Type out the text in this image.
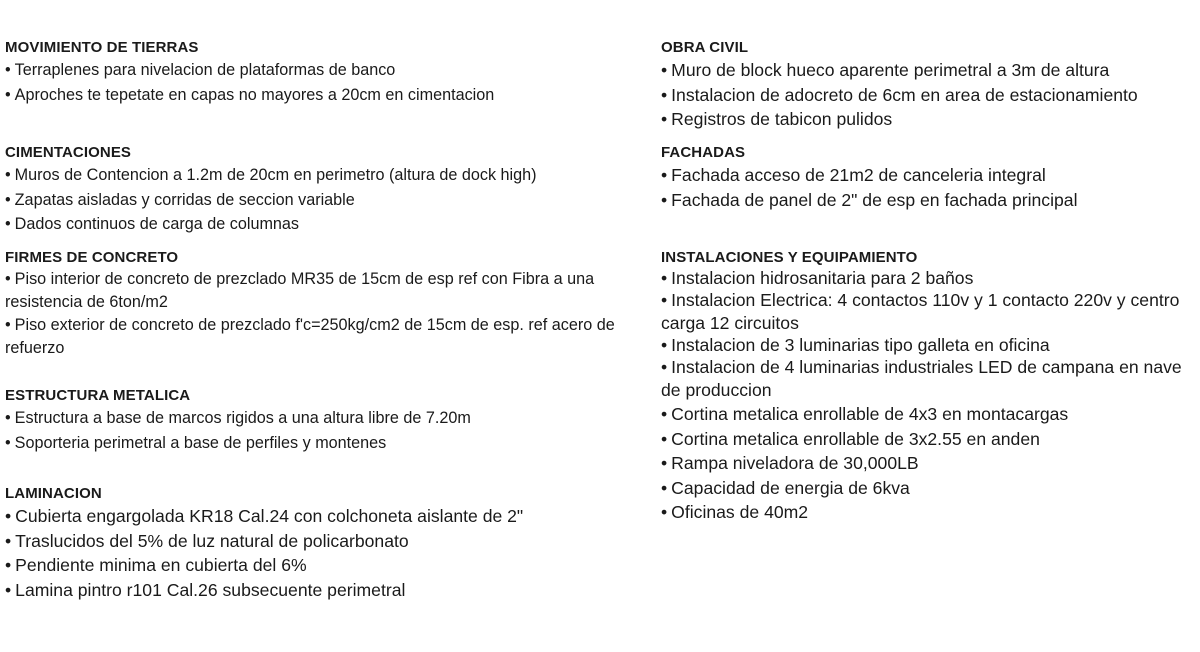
MOVIMIENTO DE TIERRAS
• Terraplenes para nivelacion de plataformas de banco
• Aproches te tepetate en capas no mayores a 20cm en cimentacion
CIMENTACIONES
• Muros de Contencion a 1.2m de 20cm en perimetro (altura de dock high)
• Zapatas aisladas y corridas de seccion variable
• Dados continuos de carga de columnas
FIRMES DE CONCRETO
• Piso interior de concreto de prezclado MR35 de 15cm de esp ref con Fibra a una      resistencia de 6ton/m2
• Piso exterior de concreto de prezclado f'c=250kg/cm2 de 15cm de esp. ref acero de refuerzo
ESTRUCTURA METALICA
• Estructura a base de marcos rigidos a una altura libre de 7.20m
• Soporteria perimetral a base de perfiles y montenes
LAMINACION
• Cubierta engargolada KR18 Cal.24 con colchoneta aislante de 2"
• Traslucidos del 5% de luz natural de policarbonato
• Pendiente minima en cubierta del 6%
• Lamina pintro r101 Cal.26 subsecuente perimetral
OBRA CIVIL
• Muro de block hueco aparente perimetral a 3m de altura
• Instalacion de adocreto de 6cm en area de estacionamiento
• Registros de tabicon pulidos
FACHADAS
• Fachada acceso de 21m2 de canceleria integral
• Fachada de panel de 2" de esp en fachada principal
INSTALACIONES Y EQUIPAMIENTO
• Instalacion hidrosanitaria para 2 baños
• Instalacion Electrica: 4 contactos 110v y 1 contacto 220v y centro carga 12 circuitos
• Instalacion de 3 luminarias tipo galleta en oficina
• Instalacion de 4 luminarias industriales LED de campana en nave de produccion
• Cortina metalica enrollable de 4x3 en montacargas
• Cortina metalica enrollable de 3x2.55 en anden
• Rampa niveladora de 30,000LB
• Capacidad de energia de 6kva
• Oficinas de 40m2
